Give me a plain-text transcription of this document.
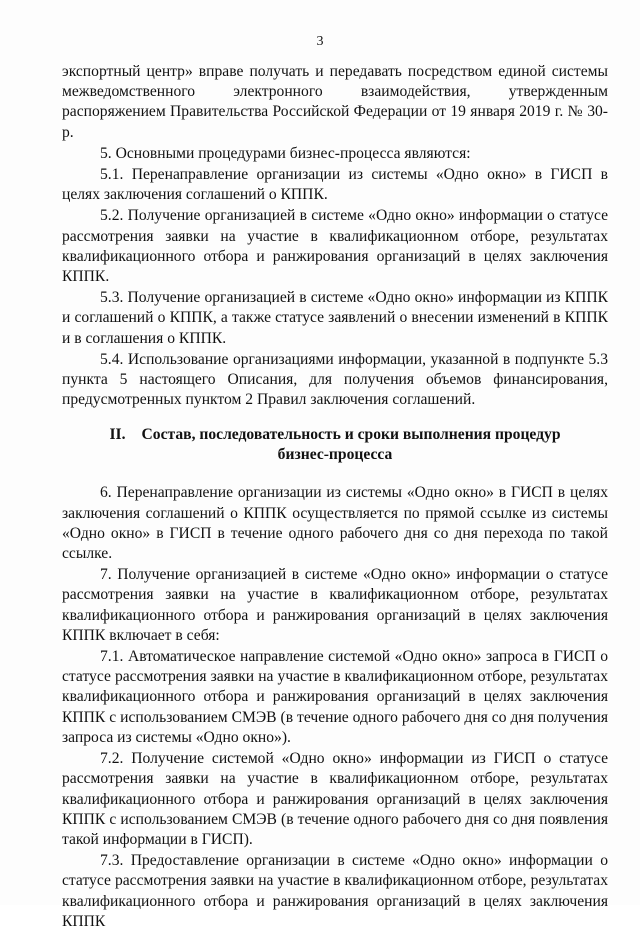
3

экспортный центр» вправе получать и передавать посредством единой системы межведомственного электронного взаимодействия, утвержденным распоряжением Правительства Российской Федерации от 19 января 2019 г. № 30-р.

5. Основными процедурами бизнес-процесса являются:

5.1. Перенаправление организации из системы «Одно окно» в ГИСП в целях заключения соглашений о КППК.

5.2. Получение организацией в системе «Одно окно» информации о статусе рассмотрения заявки на участие в квалификационном отборе, результатах квалификационного отбора и ранжирования организаций в целях заключения КППК.

5.3. Получение организацией в системе «Одно окно» информации из КППК и соглашений о КППК, а также статусе заявлений о внесении изменений в КППК и в соглашения о КППК.

5.4. Использование организациями информации, указанной в подпункте 5.3 пункта 5 настоящего Описания, для получения объемов финансирования, предусмотренных пунктом 2 Правил заключения соглашений.

II. Состав, последовательность и сроки выполнения процедур
бизнес-процесса

6. Перенаправление организации из системы «Одно окно» в ГИСП в целях заключения соглашений о КППК осуществляется по прямой ссылке из системы «Одно окно» в ГИСП в течение одного рабочего дня со дня перехода по такой ссылке.

7. Получение организацией в системе «Одно окно» информации о статусе рассмотрения заявки на участие в квалификационном отборе, результатах квалификационного отбора и ранжирования организаций в целях заключения КППК включает в себя:

7.1. Автоматическое направление системой «Одно окно» запроса в ГИСП о статусе рассмотрения заявки на участие в квалификационном отборе, результатах квалификационного отбора и ранжирования организаций в целях заключения КППК с использованием СМЭВ (в течение одного рабочего дня со дня получения запроса из системы «Одно окно»).

7.2. Получение системой «Одно окно» информации из ГИСП о статусе рассмотрения заявки на участие в квалификационном отборе, результатах квалификационного отбора и ранжирования организаций в целях заключения КППК с использованием СМЭВ (в течение одного рабочего дня со дня появления такой информации в ГИСП).

7.3. Предоставление организации в системе «Одно окно» информации о статусе рассмотрения заявки на участие в квалификационном отборе, результатах квалификационного отбора и ранжирования организаций в целях заключения КППК
